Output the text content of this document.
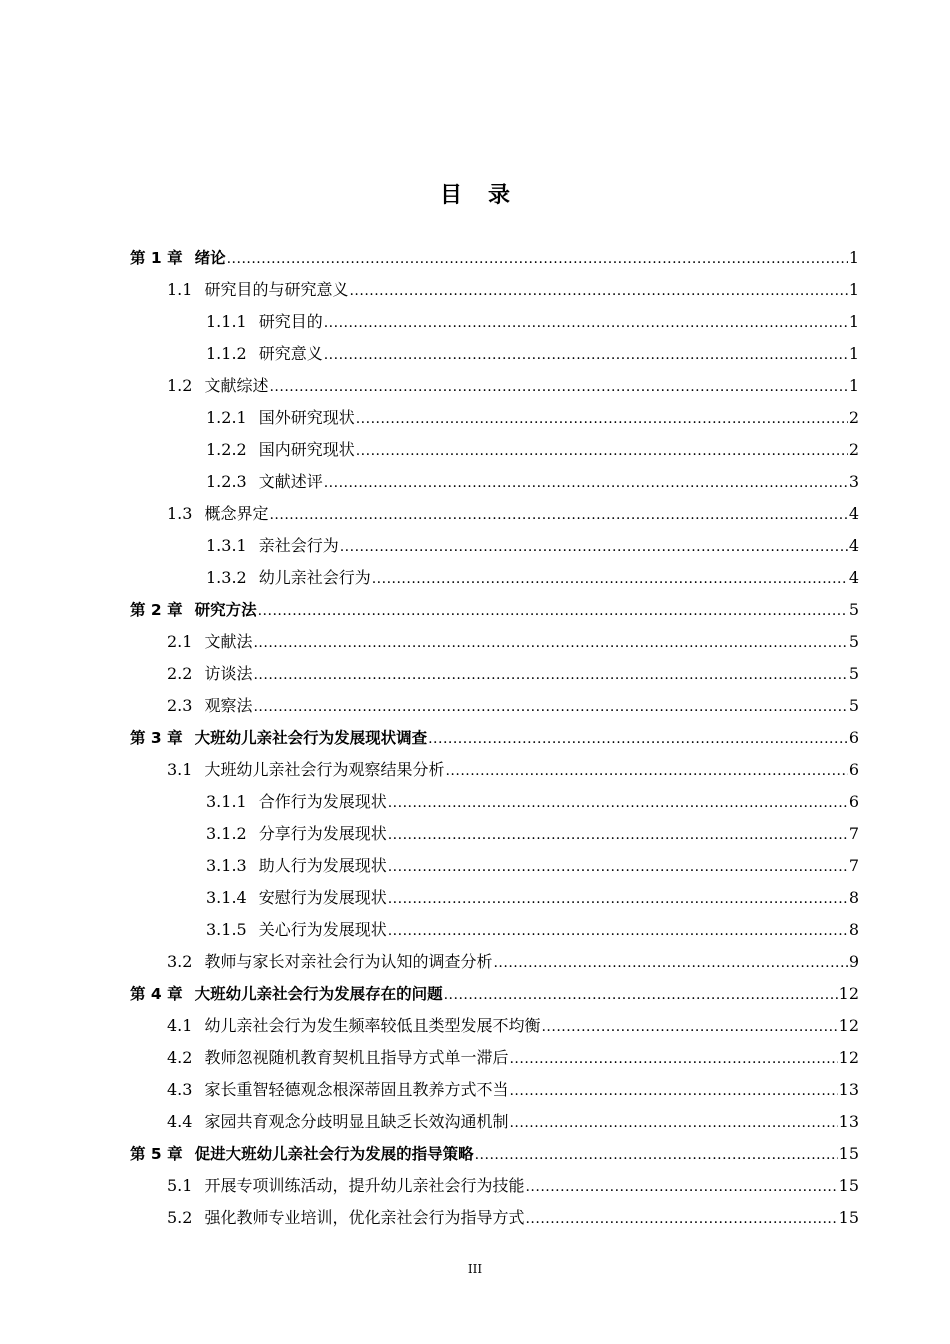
目录
第 1 章 绪论 .....	1
1.1 研究目的与研究意义 .....	1
1.1.1 研究目的 .....	1
1.1.2 研究意义 .....	1
1.2 文献综述 .....	1
1.2.1 国外研究现状 .....	2
1.2.2 国内研究现状 .....	2
1.2.3 文献述评 .....	3
1.3 概念界定 .....	4
1.3.1 亲社会行为 .....	4
1.3.2 幼儿亲社会行为 .....	4
第 2 章 研究方法 .....	5
2.1 文献法 .....	5
2.2 访谈法 .....	5
2.3 观察法 .....	5
第 3 章 大班幼儿亲社会行为发展现状调查 .....	6
3.1 大班幼儿亲社会行为观察结果分析 .....	6
3.1.1 合作行为发展现状 .....	6
3.1.2 分享行为发展现状 .....	7
3.1.3 助人行为发展现状 .....	7
3.1.4 安慰行为发展现状 .....	8
3.1.5 关心行为发展现状 .....	8
3.2 教师与家长对亲社会行为认知的调查分析 .....	9
第 4 章 大班幼儿亲社会行为发展存在的问题 .....	12
4.1 幼儿亲社会行为发生频率较低且类型发展不均衡 .....	12
4.2 教师忽视随机教育契机且指导方式单一滞后 .....	12
4.3 家长重智轻德观念根深蒂固且教养方式不当 .....	13
4.4 家园共育观念分歧明显且缺乏长效沟通机制 .....	13
第 5 章 促进大班幼儿亲社会行为发展的指导策略 .....	15
5.1 开展专项训练活动，提升幼儿亲社会行为技能 .....	15
5.2 强化教师专业培训，优化亲社会行为指导方式 .....	15
III
